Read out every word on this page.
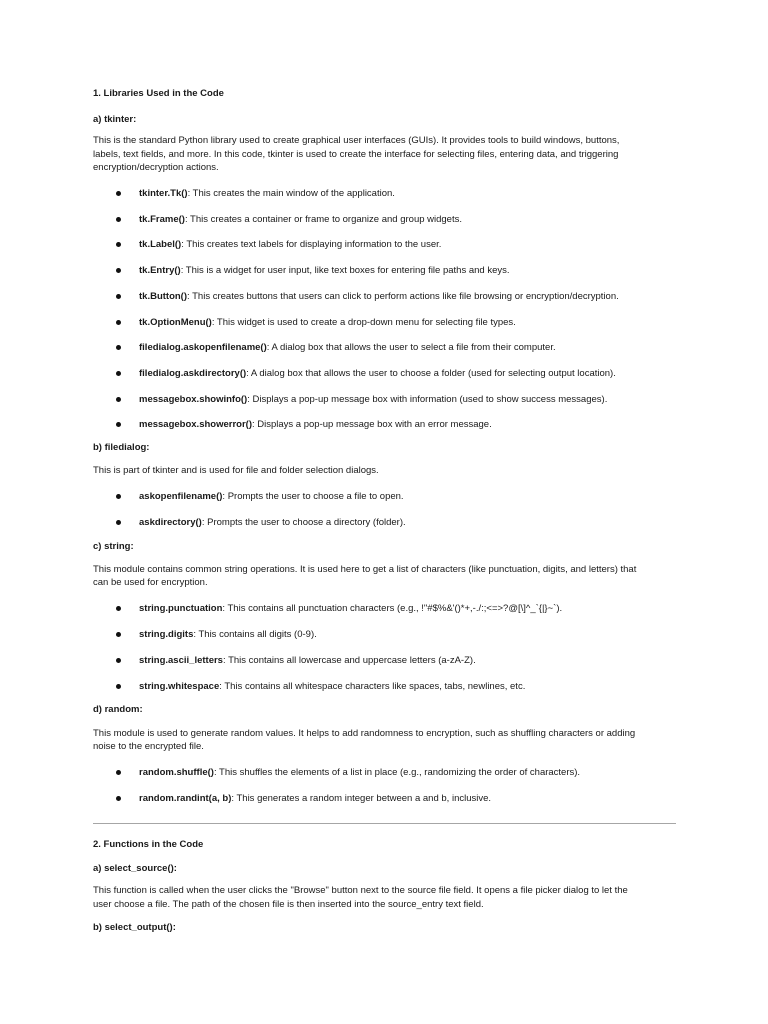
1. Libraries Used in the Code

a) tkinter:

This is the standard Python library used to create graphical user interfaces (GUIs). It provides tools to build windows, buttons,

labels, text fields, and more. In this code, tkinter is used to create the interface for selecting files, entering data, and triggering

encryption/decryption actions.

tkinter.Tk(): This creates the main window of the application.

tk.Frame(): This creates a container or frame to organize and group widgets.

tk.Label(): This creates text labels for displaying information to the user.

tk.Entry(): This is a widget for user input, like text boxes for entering file paths and keys.

tk.Button(): This creates buttons that users can click to perform actions like file browsing or encryption/decryption.

tk.OptionMenu(): This widget is used to create a drop-down menu for selecting file types.

filedialog.askopenfilename(): A dialog box that allows the user to select a file from their computer.

filedialog.askdirectory(): A dialog box that allows the user to choose a folder (used for selecting output location).

messagebox.showinfo(): Displays a pop-up message box with information (used to show success messages).

messagebox.showerror(): Displays a pop-up message box with an error message.

b) filedialog:

This is part of tkinter and is used for file and folder selection dialogs.

askopenfilename(): Prompts the user to choose a file to open.

askdirectory(): Prompts the user to choose a directory (folder).

c) string:

This module contains common string operations. It is used here to get a list of characters (like punctuation, digits, and letters) that

can be used for encryption.

string.punctuation: This contains all punctuation characters (e.g., !"#$%&'()*+,-./:;<=>?@[\]^_`{|}~`).

string.digits: This contains all digits (0-9).

string.ascii_letters: This contains all lowercase and uppercase letters (a-zA-Z).

string.whitespace: This contains all whitespace characters like spaces, tabs, newlines, etc.

d) random:

This module is used to generate random values. It helps to add randomness to encryption, such as shuffling characters or adding

noise to the encrypted file.

random.shuffle(): This shuffles the elements of a list in place (e.g., randomizing the order of characters).

random.randint(a, b): This generates a random integer between a and b, inclusive.

2. Functions in the Code

a) select_source():

This function is called when the user clicks the "Browse" button next to the source file field. It opens a file picker dialog to let the

user choose a file. The path of the chosen file is then inserted into the source_entry text field.

b) select_output():
